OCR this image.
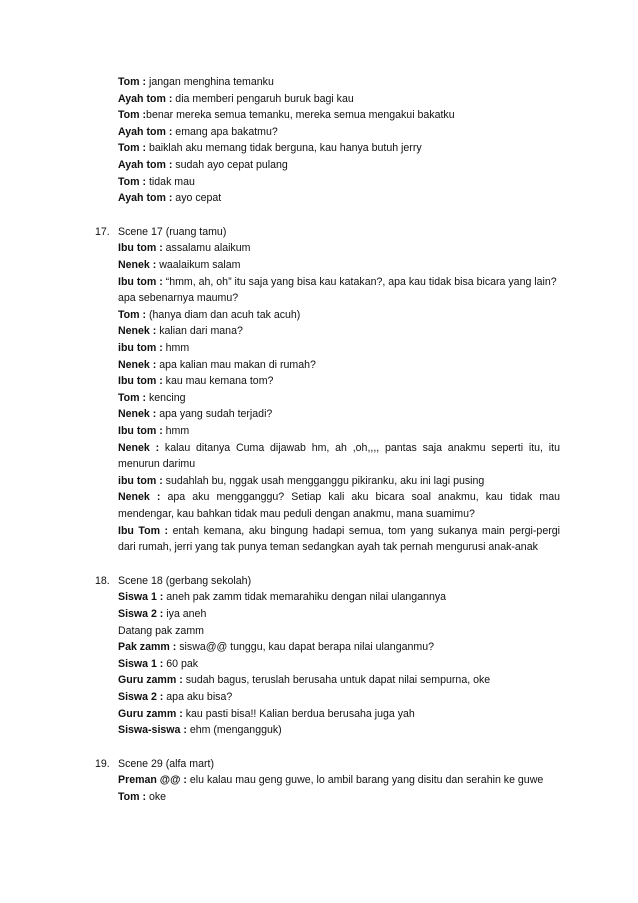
Tom : jangan menghina temanku
Ayah tom : dia memberi pengaruh buruk bagi kau
Tom :benar mereka semua temanku, mereka semua mengakui bakatku
Ayah tom : emang apa bakatmu?
Tom : baiklah aku memang tidak berguna, kau hanya butuh jerry
Ayah tom : sudah ayo cepat pulang
Tom : tidak mau
Ayah tom : ayo cepat
17. Scene 17 (ruang tamu)
Ibu tom : assalamu alaikum
Nenek : waalaikum salam
Ibu tom : “hmm, ah, oh” itu saja yang bisa kau katakan?, apa kau tidak bisa bicara yang lain?
apa sebenarnya maumu?
Tom : (hanya diam dan acuh tak acuh)
Nenek : kalian dari mana?
ibu tom : hmm
Nenek : apa kalian mau makan di rumah?
Ibu tom : kau mau kemana tom?
Tom : kencing
Nenek : apa yang sudah terjadi?
Ibu tom : hmm
Nenek : kalau ditanya Cuma dijawab hm, ah ,oh,,,, pantas saja anakmu seperti itu, itu
menurun darimu
ibu tom : sudahlah bu, nggak usah mengganggu pikiranku, aku ini lagi pusing
Nenek : apa aku mengganggu? Setiap kali aku bicara soal anakmu, kau tidak mau
mendengar, kau bahkan tidak mau peduli dengan anakmu, mana suamimu?
Ibu Tom : entah kemana, aku bingung hadapi semua, tom yang sukanya main pergi-pergi
dari rumah, jerri yang tak punya teman sedangkan ayah tak pernah mengurusi anak-anak
18. Scene 18 (gerbang sekolah)
Siswa 1 : aneh pak zamm tidak memarahiku dengan nilai ulangannya
Siswa 2 : iya aneh
Datang pak zamm
Pak zamm : siswa@@ tunggu, kau dapat berapa nilai ulanganmu?
Siswa 1 : 60 pak
Guru zamm : sudah bagus, teruslah berusaha untuk dapat nilai sempurna, oke
Siswa 2 : apa aku bisa?
Guru zamm : kau pasti bisa!! Kalian berdua berusaha juga yah
Siswa-siswa : ehm (mengangguk)
19. Scene 29 (alfa mart)
Preman @@ : elu kalau mau geng guwe, lo ambil barang yang disitu dan serahin ke guwe
Tom : oke
